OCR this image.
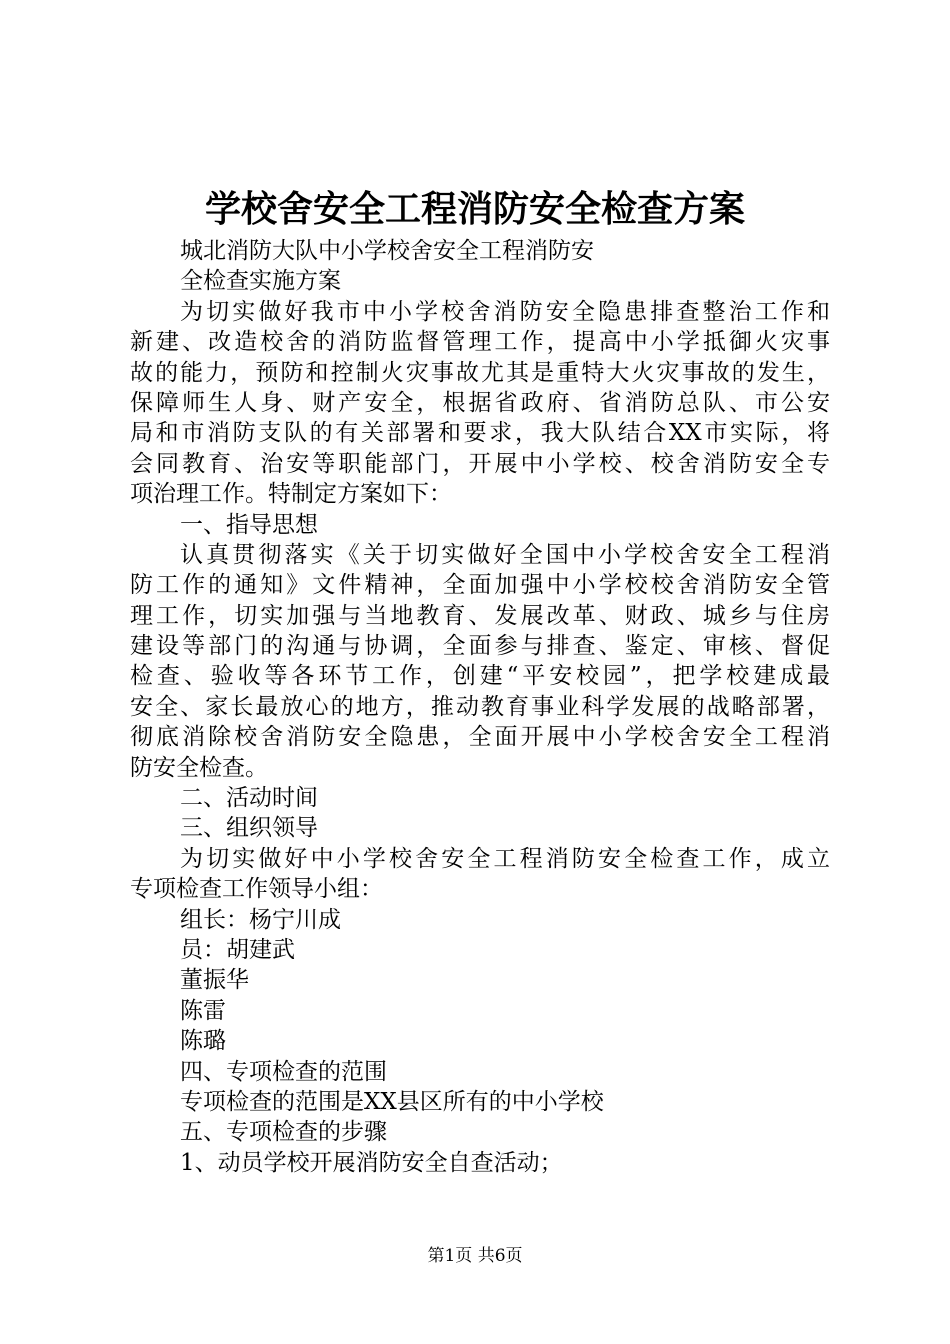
学校舍安全工程消防安全检查方案
城北消防大队中小学校舍安全工程消防安
全检查实施方案
为切实做好我市中小学校舍消防安全隐患排查整治工作和
新建、改造校舍的消防监督管理工作，提高中小学抵御火灾事
故的能力，预防和控制火灾事故尤其是重特大火灾事故的发生，
保障师生人身、财产安全，根据省政府、省消防总队、市公安
局和市消防支队的有关部署和要求，我大队结合XX市实际，将
会同教育、治安等职能部门，开展中小学校、校舍消防安全专
项治理工作。特制定方案如下：
一、指导思想
认真贯彻落实《关于切实做好全国中小学校舍安全工程消
防工作的通知》文件精神，全面加强中小学校校舍消防安全管
理工作，切实加强与当地教育、发展改革、财政、城乡与住房
建设等部门的沟通与协调，全面参与排查、鉴定、审核、督促
检查、验收等各环节工作，创建“平安校园”，把学校建成最
安全、家长最放心的地方，推动教育事业科学发展的战略部署，
彻底消除校舍消防安全隐患，全面开展中小学校舍安全工程消
防安全检查。
二、活动时间
三、组织领导
为切实做好中小学校舍安全工程消防安全检查工作，成立
专项检查工作领导小组：
组长：杨宁川成
员：胡建武
董振华
陈雷
陈璐
四、专项检查的范围
专项检查的范围是XX县区所有的中小学校
五、专项检查的步骤
1、动员学校开展消防安全自查活动；
第1页 共6页
